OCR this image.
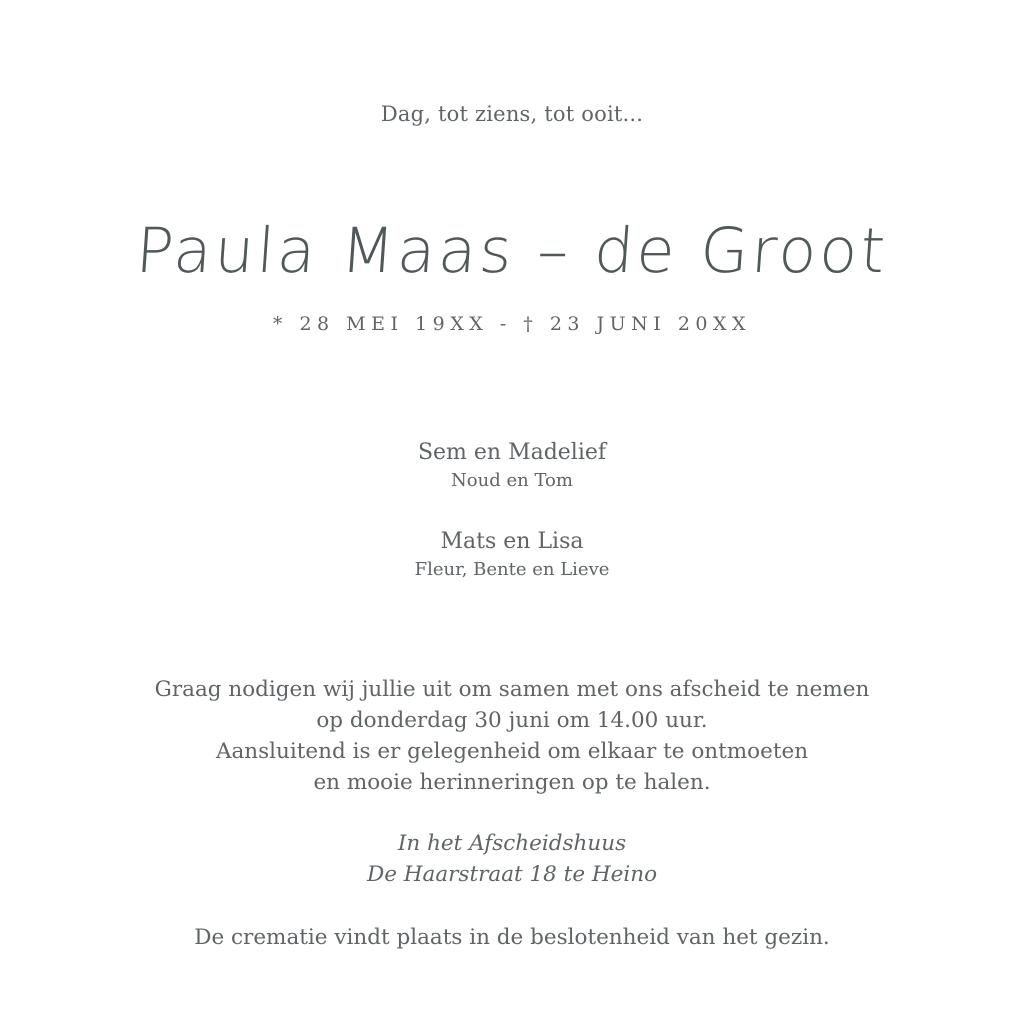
Dag, tot ziens, tot ooit...
Paula Maas – de Groot
* 28 MEI 19XX - † 23 JUNI 20XX
Sem en Madelief
Noud en Tom
Mats en Lisa
Fleur, Bente en Lieve
Graag nodigen wij jullie uit om samen met ons afscheid te nemen
op donderdag 30 juni om 14.00 uur.
Aansluitend is er gelegenheid om elkaar te ontmoeten
en mooie herinneringen op te halen.
In het Afscheidshuus
De Haarstraat 18 te Heino
De crematie vindt plaats in de beslotenheid van het gezin.
